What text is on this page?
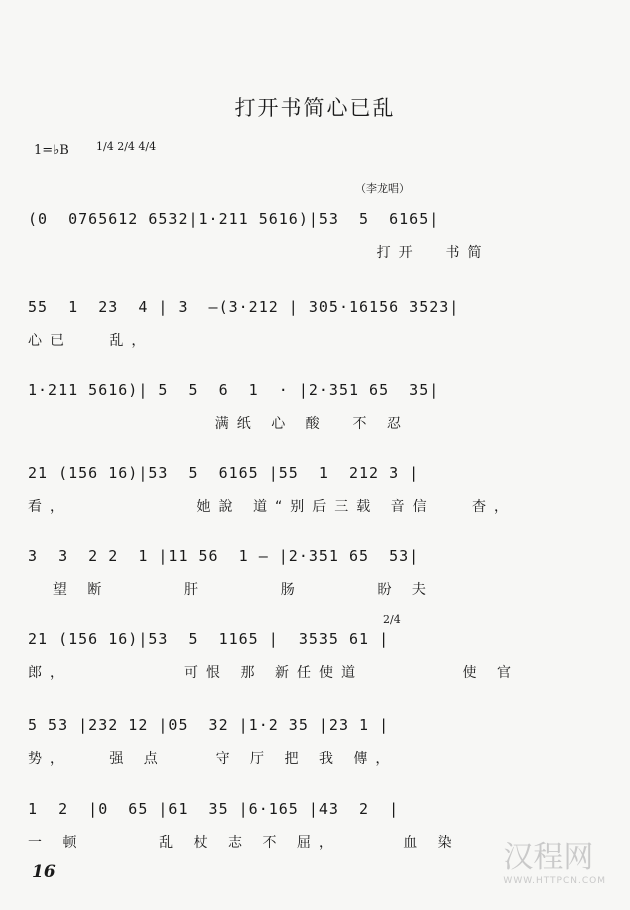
打开书简心已乱
1=♭B 1/4 2/4 4/4
（李龙唱）
(0  0765612 6532|1·211 5616)|53  5  6165|
打开  书简
55  1  23  4 | 3  —(3·212 | 305·16156 3523|
心已   乱，
1·211 5616)| 5  5  6  1  · |2·351 65  35|
满纸 心 酸  不 忍
21 (156 16)|53  5  6165 |55  1  212 3 |
看，          她說 道“别后三载 音信   杳，
3  3  2 2  1 |11 56  1 — |2·351 65  53|
望 断      肝      肠      盼 夫
21 (156 16)|53  5  1165 |  3535 61 |
郎，         可恨 那 新任使道        使 官
2/4
5 53 |232 12 |05  32 |1·2 35 |23 1 |
势，   强 点    守 厅 把 我 傳，
1  2  |0  65 |61  35 |6·165 |43  2  |
一 顿      乱 杖 志 不 屈，     血 染
16	汉程网
WWW.HTTPCN.COM
